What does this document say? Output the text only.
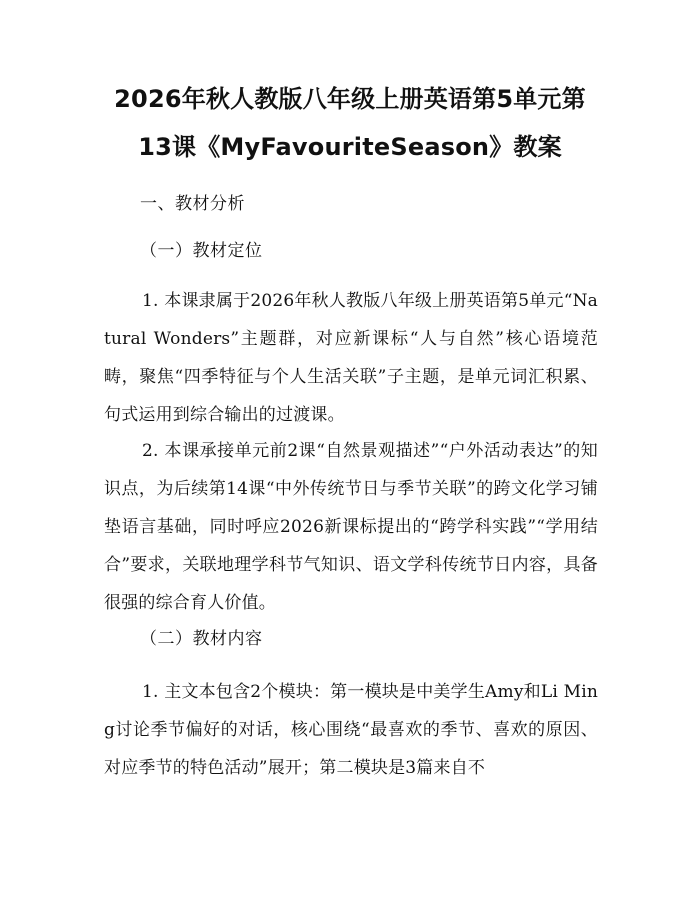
2026年秋人教版八年级上册英语第5单元第
13课《MyFavouriteSeason》教案
一、教材分析
（一）教材定位
1. 本课隶属于2026年秋人教版八年级上册英语第5单元“Natural Wonders”主题群，对应新课标“人与自然”核心语境范畴，聚焦“四季特征与个人生活关联”子主题，是单元词汇积累、句式运用到综合输出的过渡课。
2. 本课承接单元前2课“自然景观描述”“户外活动表达”的知识点，为后续第14课“中外传统节日与季节关联”的跨文化学习铺垫语言基础，同时呼应2026新课标提出的“跨学科实践”“学用结合”要求，关联地理学科节气知识、语文学科传统节日内容，具备很强的综合育人价值。
（二）教材内容
1. 主文本包含2个模块：第一模块是中美学生Amy和Li Ming讨论季节偏好的对话，核心围绕“最喜欢的季节、喜欢的原因、对应季节的特色活动”展开；第二模块是3篇来自不
